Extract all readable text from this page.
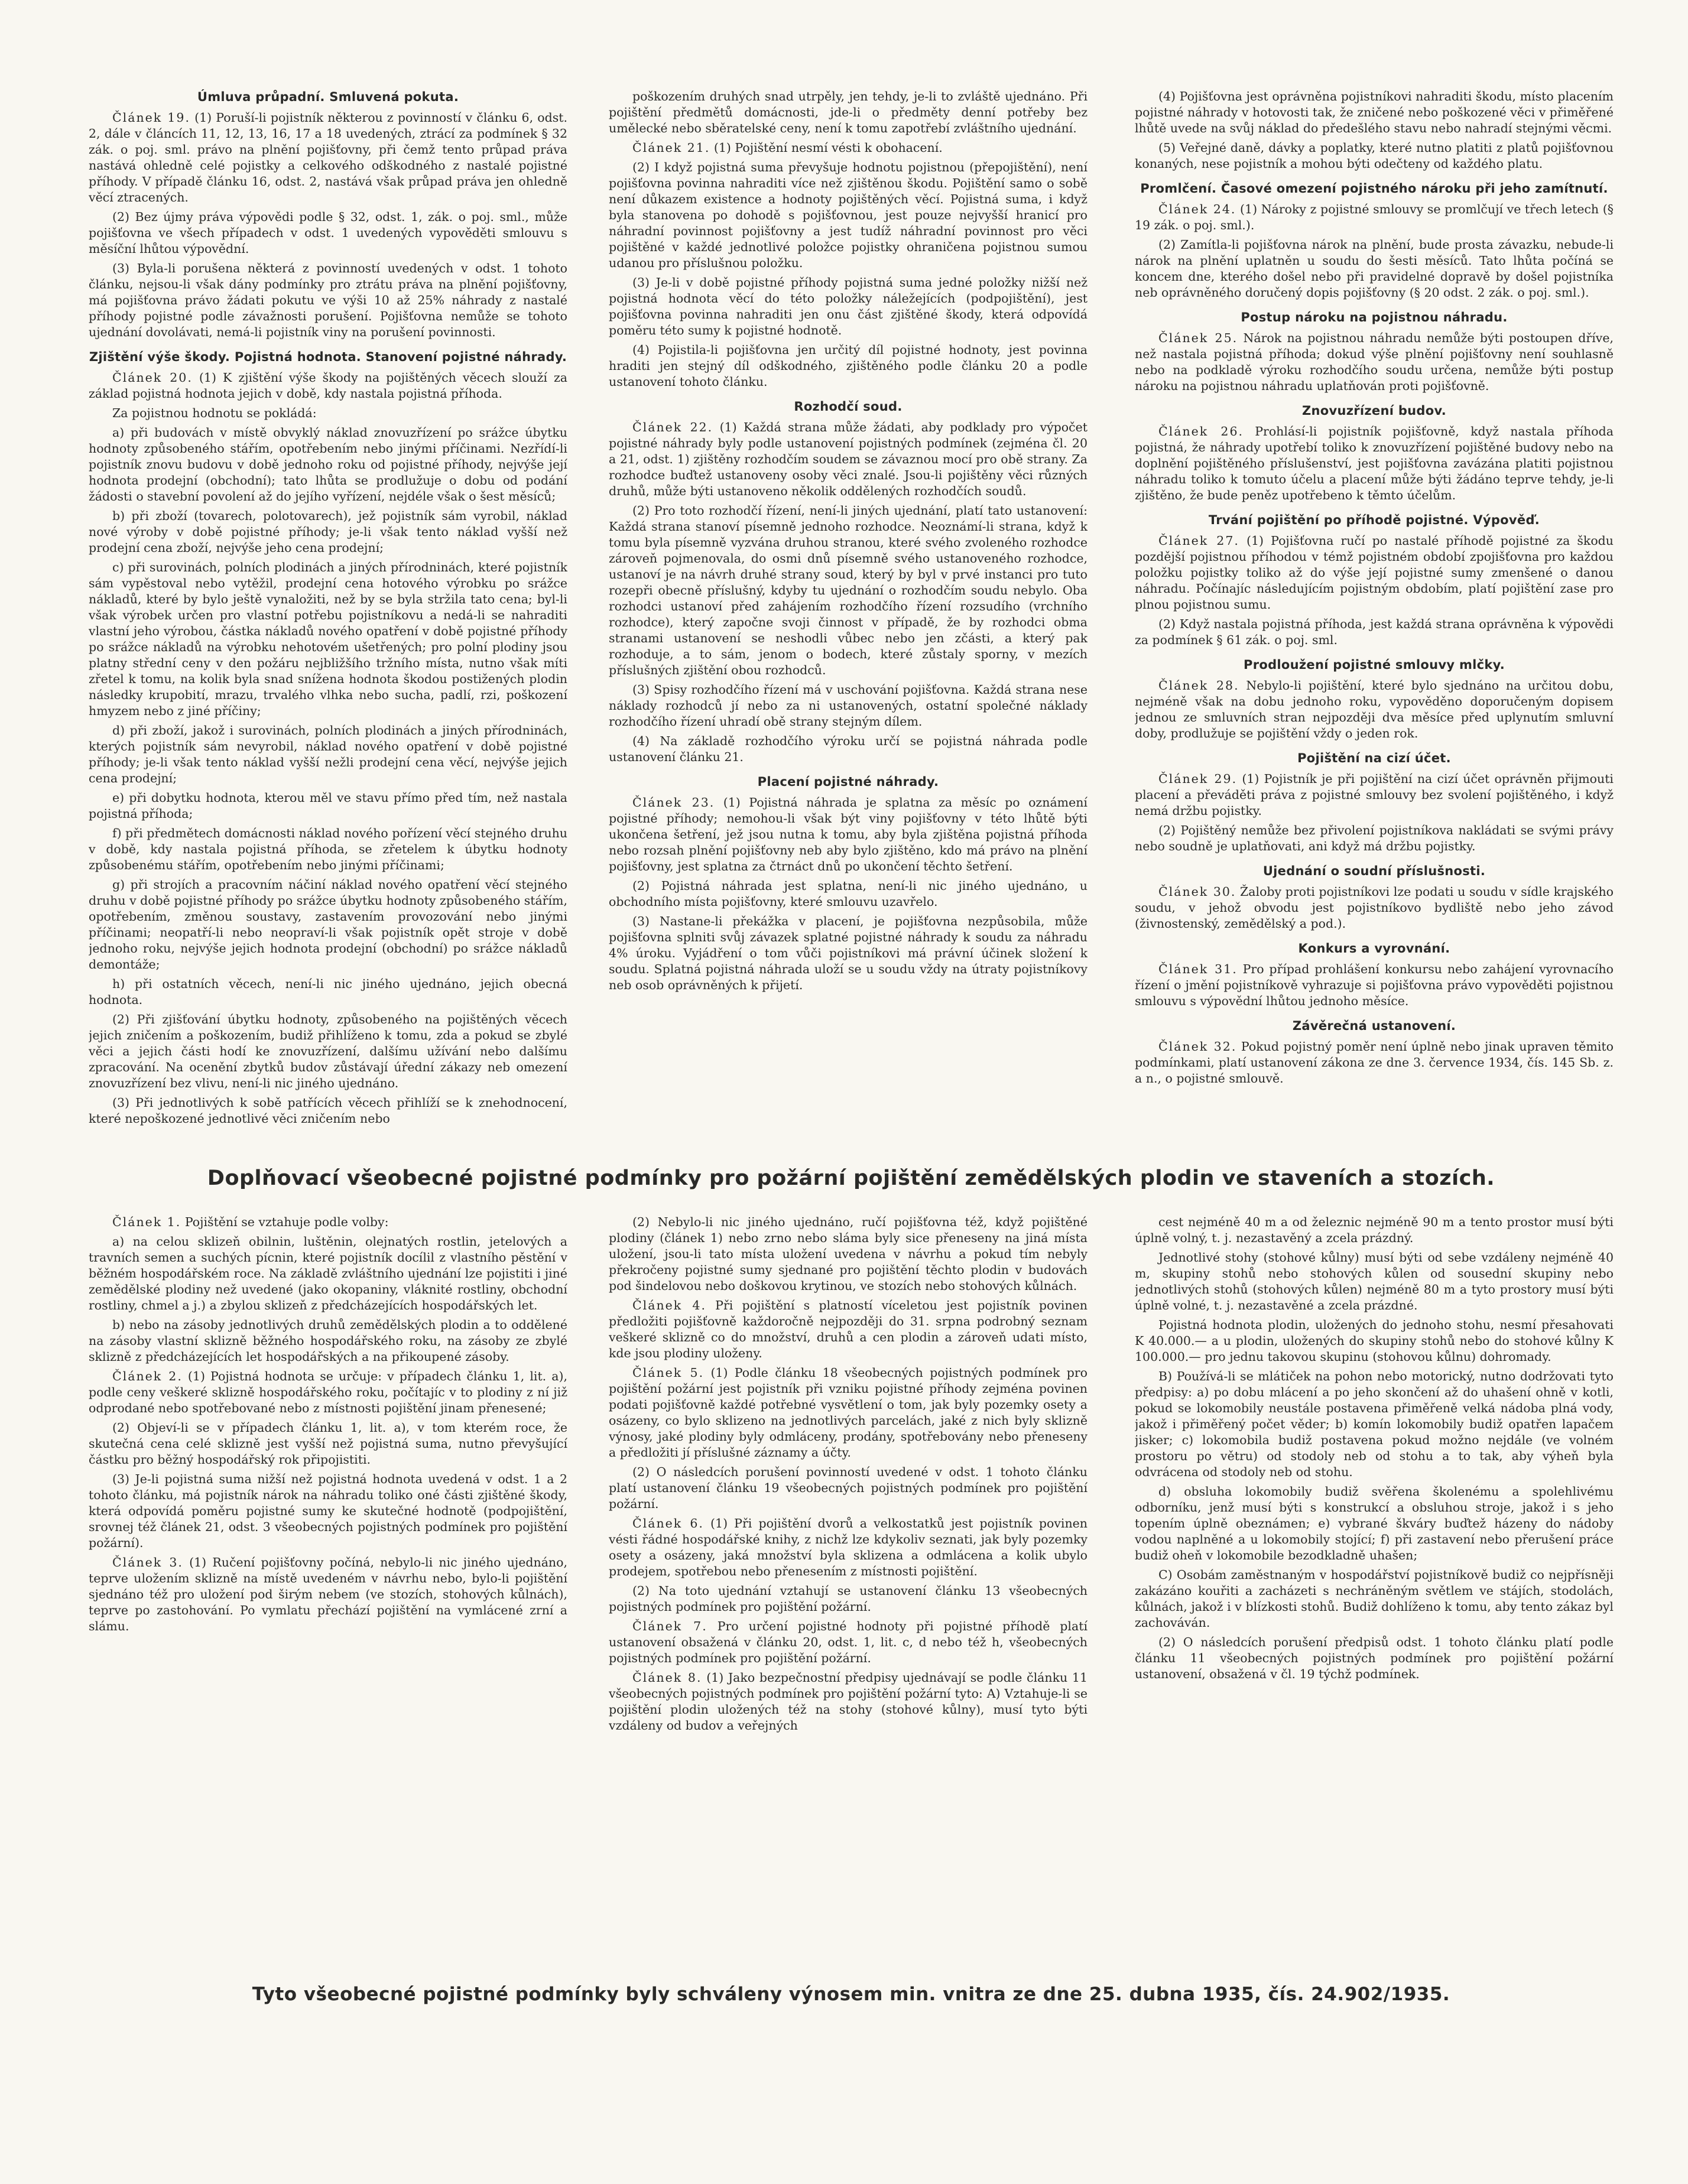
Úmluva průpadní. Smluvená pokuta.

Článek 19. (1) Poruší-li pojistník některou z povinností v článku 6, odst. 2, dále v článcích 11, 12, 13, 16, 17 a 18 uvedených, ztrácí za podmínek § 32 zák. o poj. sml. právo na plnění pojišťovny, při čemž tento průpad práva nastává ohledně celé pojistky a celkového odškodného z nastalé pojistné příhody. V případě článku 16, odst. 2, nastává však průpad práva jen ohledně věcí ztracených.

(2) Bez újmy práva výpovědi podle § 32, odst. 1, zák. o poj. sml., může pojišťovna ve všech případech v odst. 1 uvedených vypověděti smlouvu s měsíční lhůtou výpovědní.

(3) Byla-li porušena některá z povinností uvedených v odst. 1 tohoto článku, nejsou-li však dány podmínky pro ztrátu práva na plnění pojišťovny, má pojišťovna právo žádati pokutu ve výši 10 až 25% náhrady z nastalé příhody pojistné podle závažnosti porušení. Pojišťovna nemůže se tohoto ujednání dovolávati, nemá-li pojistník viny na porušení povinnosti.

Zjištění výše škody. Pojistná hodnota. Stanovení pojistné náhrady.

Článek 20. (1) K zjištění výše škody na pojištěných věcech slouží za základ pojistná hodnota jejich v době, kdy nastala pojistná příhoda.

Za pojistnou hodnotu se pokládá:

a) při budovách v místě obvyklý náklad znovuzřízení po srážce úbytku hodnoty způsobeného stářím, opotřebením nebo jinými příčinami. Nezřídí-li pojistník znovu budovu v době jednoho roku od pojistné příhody, nejvýše její hodnota prodejní (obchodní); tato lhůta se prodlužuje o dobu od podání žádosti o stavební povolení až do jejího vyřízení, nejdéle však o šest měsíců;

b) při zboží (tovarech, polotovarech), jež pojistník sám vyrobil, náklad nové výroby v době pojistné příhody; je-li však tento náklad vyšší než prodejní cena zboží, nejvýše jeho cena prodejní;

c) při surovinách, polních plodinách a jiných přírodninách, které pojistník sám vypěstoval nebo vytěžil, prodejní cena hotového výrobku po srážce nákladů, které by bylo ještě vynaložiti, než by se byla stržila tato cena; byl-li však výrobek určen pro vlastní potřebu pojistníkovu a nedá-li se nahraditi vlastní jeho výrobou, částka nákladů nového opatření v době pojistné příhody po srážce nákladů na výrobku nehotovém ušetřených; pro polní plodiny jsou platny střední ceny v den požáru nejbližšího tržního místa, nutno však míti zřetel k tomu, na kolik byla snad snížena hodnota škodou postižených plodin následky krupobití, mrazu, trvalého vlhka nebo sucha, padlí, rzi, poškození hmyzem nebo z jiné příčiny;

d) při zboží, jakož i surovinách, polních plodinách a jiných přírodninách, kterých pojistník sám nevyrobil, náklad nového opatření v době pojistné příhody; je-li však tento náklad vyšší nežli prodejní cena věcí, nejvýše jejich cena prodejní;

e) při dobytku hodnota, kterou měl ve stavu přímo před tím, než nastala pojistná příhoda;

f) při předmětech domácnosti náklad nového pořízení věcí stejného druhu v době, kdy nastala pojistná příhoda, se zřetelem k úbytku hodnoty způsobenému stářím, opotřebením nebo jinými příčinami;

g) při strojích a pracovním náčiní náklad nového opatření věcí stejného druhu v době pojistné příhody po srážce úbytku hodnoty způsobeného stářím, opotřebením, změnou soustavy, zastavením provozování nebo jinými příčinami; neopatří-li nebo neopraví-li však pojistník opět stroje v době jednoho roku, nejvýše jejich hodnota prodejní (obchodní) po srážce nákladů demontáže;

h) při ostatních věcech, není-li nic jiného ujednáno, jejich obecná hodnota.

(2) Při zjišťování úbytku hodnoty, způsobeného na pojištěných věcech jejich zničením a poškozením, budiž přihlíženo k tomu, zda a pokud se zbylé věci a jejich části hodí ke znovuzřízení, dalšímu užívání nebo dalšímu zpracování. Na ocenění zbytků budov zůstávají úřední zákazy neb omezení znovuzřízení bez vlivu, není-li nic jiného ujednáno.

(3) Při jednotlivých k sobě patřících věcech přihlíží se k znehodnocení, které nepoškozené jednotlivé věci zničením nebo

poškozením druhých snad utrpěly, jen tehdy, je-li to zvláště ujednáno. Při pojištění předmětů domácnosti, jde-li o předměty denní potřeby bez umělecké nebo sběratelské ceny, není k tomu zapotřebí zvláštního ujednání.

Článek 21. (1) Pojištění nesmí vésti k obohacení.

(2) I když pojistná suma převyšuje hodnotu pojistnou (přepojištění), není pojišťovna povinna nahraditi více než zjištěnou škodu. Pojištění samo o sobě není důkazem existence a hodnoty pojištěných věcí. Pojistná suma, i když byla stanovena po dohodě s pojišťovnou, jest pouze nejvyšší hranicí pro náhradní povinnost pojišťovny a jest tudíž náhradní povinnost pro věci pojištěné v každé jednotlivé položce pojistky ohraničena pojistnou sumou udanou pro příslušnou položku.

(3) Je-li v době pojistné příhody pojistná suma jedné položky nižší než pojistná hodnota věcí do této položky náležejících (podpojištění), jest pojišťovna povinna nahraditi jen onu část zjištěné škody, která odpovídá poměru této sumy k pojistné hodnotě.

(4) Pojistila-li pojišťovna jen určitý díl pojistné hodnoty, jest povinna hraditi jen stejný díl odškodného, zjištěného podle článku 20 a podle ustanovení tohoto článku.

Rozhodčí soud.

Článek 22. (1) Každá strana může žádati, aby podklady pro výpočet pojistné náhrady byly podle ustanovení pojistných podmínek (zejména čl. 20 a 21, odst. 1) zjištěny rozhodčím soudem se závaznou mocí pro obě strany. Za rozhodce buďtež ustanoveny osoby věci znalé. Jsou-li pojištěny věci různých druhů, může býti ustanoveno několik oddělených rozhodčích soudů.

(2) Pro toto rozhodčí řízení, není-li jiných ujednání, platí tato ustanovení: Každá strana stanoví písemně jednoho rozhodce. Neoznámí-li strana, když k tomu byla písemně vyzvána druhou stranou, které svého zvoleného rozhodce zároveň pojmenovala, do osmi dnů písemně svého ustanoveného rozhodce, ustanoví je na návrh druhé strany soud, který by byl v prvé instanci pro tuto rozepři obecně příslušný, kdyby tu ujednání o rozhodčím soudu nebylo. Oba rozhodci ustanoví před zahájením rozhodčího řízení rozsudího (vrchního rozhodce), který započne svoji činnost v případě, že by rozhodci obma stranami ustanovení se neshodli vůbec nebo jen zčásti, a který pak rozhoduje, a to sám, jenom o bodech, které zůstaly sporny, v mezích příslušných zjištění obou rozhodců.

(3) Spisy rozhodčího řízení má v uschování pojišťovna. Každá strana nese náklady rozhodců jí nebo za ni ustanovených, ostatní společné náklady rozhodčího řízení uhradí obě strany stejným dílem.

(4) Na základě rozhodčího výroku určí se pojistná náhrada podle ustanovení článku 21.

Placení pojistné náhrady.

Článek 23. (1) Pojistná náhrada je splatna za měsíc po oznámení pojistné příhody; nemohou-li však být viny pojišťovny v této lhůtě býti ukončena šetření, jež jsou nutna k tomu, aby byla zjištěna pojistná příhoda nebo rozsah plnění pojišťovny neb aby bylo zjištěno, kdo má právo na plnění pojišťovny, jest splatna za čtrnáct dnů po ukončení těchto šetření.

(2) Pojistná náhrada jest splatna, není-li nic jiného ujednáno, u obchodního místa pojišťovny, které smlouvu uzavřelo.

(3) Nastane-li překážka v placení, je pojišťovna nezpůsobila, může pojišťovna splniti svůj závazek splatné pojistné náhrady k soudu za náhradu 4% úroku. Vyjádření o tom vůči pojistníkovi má právní účinek složení k soudu. Splatná pojistná náhrada uloží se u soudu vždy na útraty pojistníkovy neb osob oprávněných k přijetí.

(4) Pojišťovna jest oprávněna pojistníkovi nahraditi škodu, místo placením pojistné náhrady v hotovosti tak, že zničené nebo poškozené věci v přiměřené lhůtě uvede na svůj náklad do předešlého stavu nebo nahradí stejnými věcmi.

(5) Veřejné daně, dávky a poplatky, které nutno platiti z platů pojišťovnou konaných, nese pojistník a mohou býti odečteny od každého platu.

Promlčení. Časové omezení pojistného nároku při jeho zamítnutí.

Článek 24. (1) Nároky z pojistné smlouvy se promlčují ve třech letech (§ 19 zák. o poj. sml.).

(2) Zamítla-li pojišťovna nárok na plnění, bude prosta závazku, nebude-li nárok na plnění uplatněn u soudu do šesti měsíců. Tato lhůta počíná se koncem dne, kterého došel nebo při pravidelné dopravě by došel pojistníka neb oprávněného doručený dopis pojišťovny (§ 20 odst. 2 zák. o poj. sml.).

Postup nároku na pojistnou náhradu.

Článek 25. Nárok na pojistnou náhradu nemůže býti postoupen dříve, než nastala pojistná příhoda; dokud výše plnění pojišťovny není souhlasně nebo na podkladě výroku rozhodčího soudu určena, nemůže býti postup nároku na pojistnou náhradu uplatňován proti pojišťovně.

Znovuzřízení budov.

Článek 26. Prohlásí-li pojistník pojišťovně, když nastala příhoda pojistná, že náhrady upotřebí toliko k znovuzřízení pojištěné budovy nebo na doplnění pojištěného příslušenství, jest pojišťovna zavázána platiti pojistnou náhradu toliko k tomuto účelu a placení může býti žádáno teprve tehdy, je-li zjištěno, že bude peněz upotřebeno k těmto účelům.

Trvání pojištění po příhodě pojistné. Výpověď.

Článek 27. (1) Pojišťovna ručí po nastalé příhodě pojistné za škodu pozdější pojistnou příhodou v témž pojistném období zpojišťovna pro každou položku pojistky toliko až do výše její pojistné sumy zmenšené o danou náhradu. Počínajíc následujícím pojistným obdobím, platí pojištění zase pro plnou pojistnou sumu.

(2) Když nastala pojistná příhoda, jest každá strana oprávněna k výpovědi za podmínek § 61 zák. o poj. sml.

Prodloužení pojistné smlouvy mlčky.

Článek 28. Nebylo-li pojištění, které bylo sjednáno na určitou dobu, nejméně však na dobu jednoho roku, vypověděno doporučeným dopisem jednou ze smluvních stran nejpozději dva měsíce před uplynutím smluvní doby, prodlužuje se pojištění vždy o jeden rok.

Pojištění na cizí účet.

Článek 29. (1) Pojistník je při pojištění na cizí účet oprávněn přijmouti placení a převáděti práva z pojistné smlouvy bez svolení pojištěného, i když nemá držbu pojistky.

(2) Pojištěný nemůže bez přivolení pojistníkova nakládati se svými právy nebo soudně je uplatňovati, ani když má držbu pojistky.

Ujednání o soudní příslušnosti.

Článek 30. Žaloby proti pojistníkovi lze podati u soudu v sídle krajského soudu, v jehož obvodu jest pojistníkovo bydliště nebo jeho závod (živnostenský, zemědělský a pod.).

Konkurs a vyrovnání.

Článek 31. Pro případ prohlášení konkursu nebo zahájení vyrovnacího řízení o jmění pojistníkově vyhrazuje si pojišťovna právo vypověděti pojistnou smlouvu s výpovědní lhůtou jednoho měsíce.

Závěrečná ustanovení.

Článek 32. Pokud pojistný poměr není úplně nebo jinak upraven těmito podmínkami, platí ustanovení zákona ze dne 3. července 1934, čís. 145 Sb. z. a n., o pojistné smlouvě.

Doplňovací všeobecné pojistné podmínky pro požární pojištění zemědělských plodin ve staveních a stozích.

Článek 1. Pojištění se vztahuje podle volby:

a) na celou sklizeň obilnin, luštěnin, olejnatých rostlin, jetelových a travních semen a suchých pícnin, které pojistník docílil z vlastního pěstění v běžném hospodářském roce. Na základě zvláštního ujednání lze pojistiti i jiné zemědělské plodiny než uvedené (jako okopaniny, vláknité rostliny, obchodní rostliny, chmel a j.) a zbylou sklizeň z předcházejících hospodářských let.

b) nebo na zásoby jednotlivých druhů zemědělských plodin a to oddělené na zásoby vlastní sklizně běžného hospodářského roku, na zásoby ze zbylé sklizně z předcházejících let hospodářských a na přikoupené zásoby.

Článek 2. (1) Pojistná hodnota se určuje: v případech článku 1, lit. a), podle ceny veškeré sklizně hospodářského roku, počítajíc v to plodiny z ní již odprodané nebo spotřebované nebo z místnosti pojištění jinam přenesené;

(2) Objeví-li se v případech článku 1, lit. a), v tom kterém roce, že skutečná cena celé sklizně jest vyšší než pojistná suma, nutno převyšující částku pro běžný hospodářský rok připojistiti.

(3) Je-li pojistná suma nižší než pojistná hodnota uvedená v odst. 1 a 2 tohoto článku, má pojistník nárok na náhradu toliko oné části zjištěné škody, která odpovídá poměru pojistné sumy ke skutečné hodnotě (podpojištění, srovnej též článek 21, odst. 3 všeobecných pojistných podmínek pro pojištění požární).

Článek 3. (1) Ručení pojišťovny počíná, nebylo-li nic jiného ujednáno, teprve uložením sklizně na místě uvedeném v návrhu nebo, bylo-li pojištění sjednáno též pro uložení pod širým nebem (ve stozích, stohových kůlnách), teprve po zastohování. Po vymlatu přechází pojištění na vymlácené zrní a slámu.

(2) Nebylo-li nic jiného ujednáno, ručí pojišťovna též, když pojištěné plodiny (článek 1) nebo zrno nebo sláma byly sice přeneseny na jiná místa uložení, jsou-li tato místa uložení uvedena v návrhu a pokud tím nebyly překročeny pojistné sumy sjednané pro pojištění těchto plodin v budovách pod šindelovou nebo doškovou krytinou, ve stozích nebo stohových kůlnách.

Článek 4. Při pojištění s platností víceletou jest pojistník povinen předložiti pojišťovně každoročně nejpozději do 31. srpna podrobný seznam veškeré sklizně co do množství, druhů a cen plodin a zároveň udati místo, kde jsou plodiny uloženy.

Článek 5. (1) Podle článku 18 všeobecných pojistných podmínek pro pojištění požární jest pojistník při vzniku pojistné příhody zejména povinen podati pojišťovně každé potřebné vysvětlení o tom, jak byly pozemky osety a osázeny, co bylo sklizeno na jednotlivých parcelách, jaké z nich byly sklizně výnosy, jaké plodiny byly odmláceny, prodány, spotřebovány nebo přeneseny a předložiti jí příslušné záznamy a účty.

(2) O následcích porušení povinností uvedené v odst. 1 tohoto článku platí ustanovení článku 19 všeobecných pojistných podmínek pro pojištění požární.

Článek 6. (1) Při pojištění dvorů a velkostatků jest pojistník povinen vésti řádné hospodářské knihy, z nichž lze kdykoliv seznati, jak byly pozemky osety a osázeny, jaká množství byla sklizena a odmlácena a kolik ubylo prodejem, spotřebou nebo přenesením z místnosti pojištění.

(2) Na toto ujednání vztahují se ustanovení článku 13 všeobecných pojistných podmínek pro pojištění požární.

Článek 7. Pro určení pojistné hodnoty při pojistné příhodě platí ustanovení obsažená v článku 20, odst. 1, lit. c, d nebo též h, všeobecných pojistných podmínek pro pojištění požární.

Článek 8. (1) Jako bezpečnostní předpisy ujednávají se podle článku 11 všeobecných pojistných podmínek pro pojištění požární tyto: A) Vztahuje-li se pojištění plodin uložených též na stohy (stohové kůlny), musí tyto býti vzdáleny od budov a veřejných

cest nejméně 40 m a od železnic nejméně 90 m a tento prostor musí býti úplně volný, t. j. nezastavěný a zcela prázdný.

Jednotlivé stohy (stohové kůlny) musí býti od sebe vzdáleny nejméně 40 m, skupiny stohů nebo stohových kůlen od sousední skupiny nebo jednotlivých stohů (stohových kůlen) nejméně 80 m a tyto prostory musí býti úplně volné, t. j. nezastavěné a zcela prázdné.

Pojistná hodnota plodin, uložených do jednoho stohu, nesmí přesahovati K 40.000.— a u plodin, uložených do skupiny stohů nebo do stohové kůlny K 100.000.— pro jednu takovou skupinu (stohovou kůlnu) dohromady.

B) Používá-li se mlátiček na pohon nebo motorický, nutno dodržovati tyto předpisy: a) po dobu mlácení a po jeho skončení až do uhašení ohně v kotli, pokud se lokomobily neustále postavena přiměřeně velká nádoba plná vody, jakož i přiměřený počet věder; b) komín lokomobily budiž opatřen lapačem jisker; c) lokomobila budiž postavena pokud možno nejdále (ve volném prostoru po větru) od stodoly neb od stohu a to tak, aby výheň byla odvrácena od stodoly neb od stohu.

d) obsluha lokomobily budiž svěřena školenému a spolehlivému odborníku, jenž musí býti s konstrukcí a obsluhou stroje, jakož i s jeho topením úplně obeznámen; e) vybrané škváry buďtež házeny do nádoby vodou naplněné a u lokomobily stojící; f) při zastavení nebo přerušení práce budiž oheň v lokomobile bezodkladně uhašen;

C) Osobám zaměstnaným v hospodářství pojistníkově budiž co nejpřísněji zakázáno kouřiti a zacházeti s nechráněným světlem ve stájích, stodolách, kůlnách, jakož i v blízkosti stohů. Budiž dohlíženo k tomu, aby tento zákaz byl zachováván.

(2) O následcích porušení předpisů odst. 1 tohoto článku platí podle článku 11 všeobecných pojistných podmínek pro pojištění požární ustanovení, obsažená v čl. 19 týchž podmínek.

Tyto všeobecné pojistné podmínky byly schváleny výnosem min. vnitra ze dne 25. dubna 1935, čís. 24.902/1935.
